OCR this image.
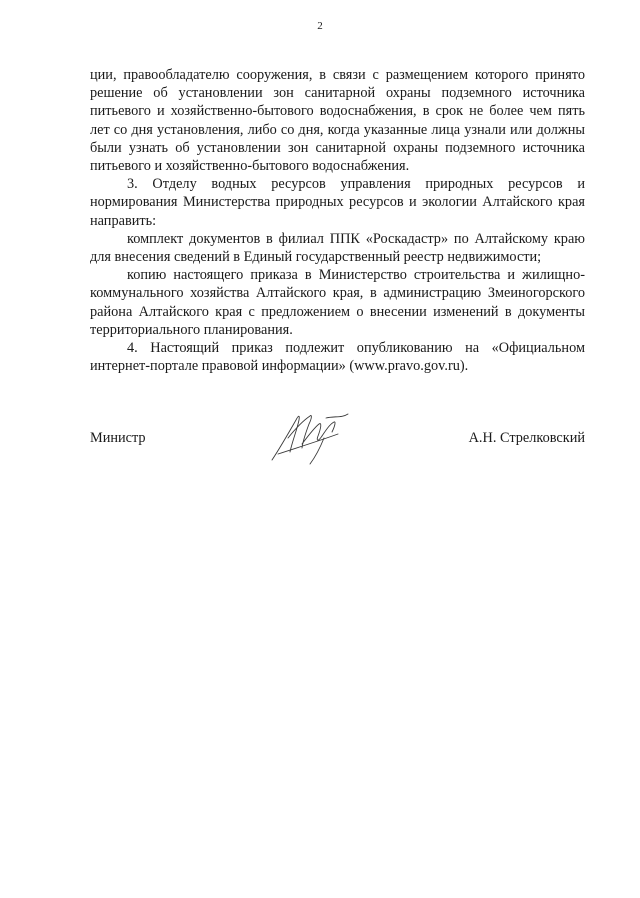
2

ции, правообладателю сооружения, в связи с размещением которого принято решение об установлении зон санитарной охраны подземного источника питьевого и хозяйственно-бытового водоснабжения, в срок не более чем пять лет со дня установления, либо со дня, когда указанные лица узнали или должны были узнать об установлении зон санитарной охраны подземного источника питьевого и хозяйственно-бытового водоснабжения.

3. Отделу водных ресурсов управления природных ресурсов и нормирования Министерства природных ресурсов и экологии Алтайского края направить:

комплект документов в филиал ППК «Роскадастр» по Алтайскому краю для внесения сведений в Единый государственный реестр недвижимости;

копию настоящего приказа в Министерство строительства и жилищно-коммунального хозяйства Алтайского края, в администрацию Змеиногорского района Алтайского края с предложением о внесении изменений в документы территориального планирования.

4. Настоящий приказ подлежит опубликованию на «Официальном интернет-портале правовой информации» (www.pravo.gov.ru).

Министр	А.Н. Стрелковский
